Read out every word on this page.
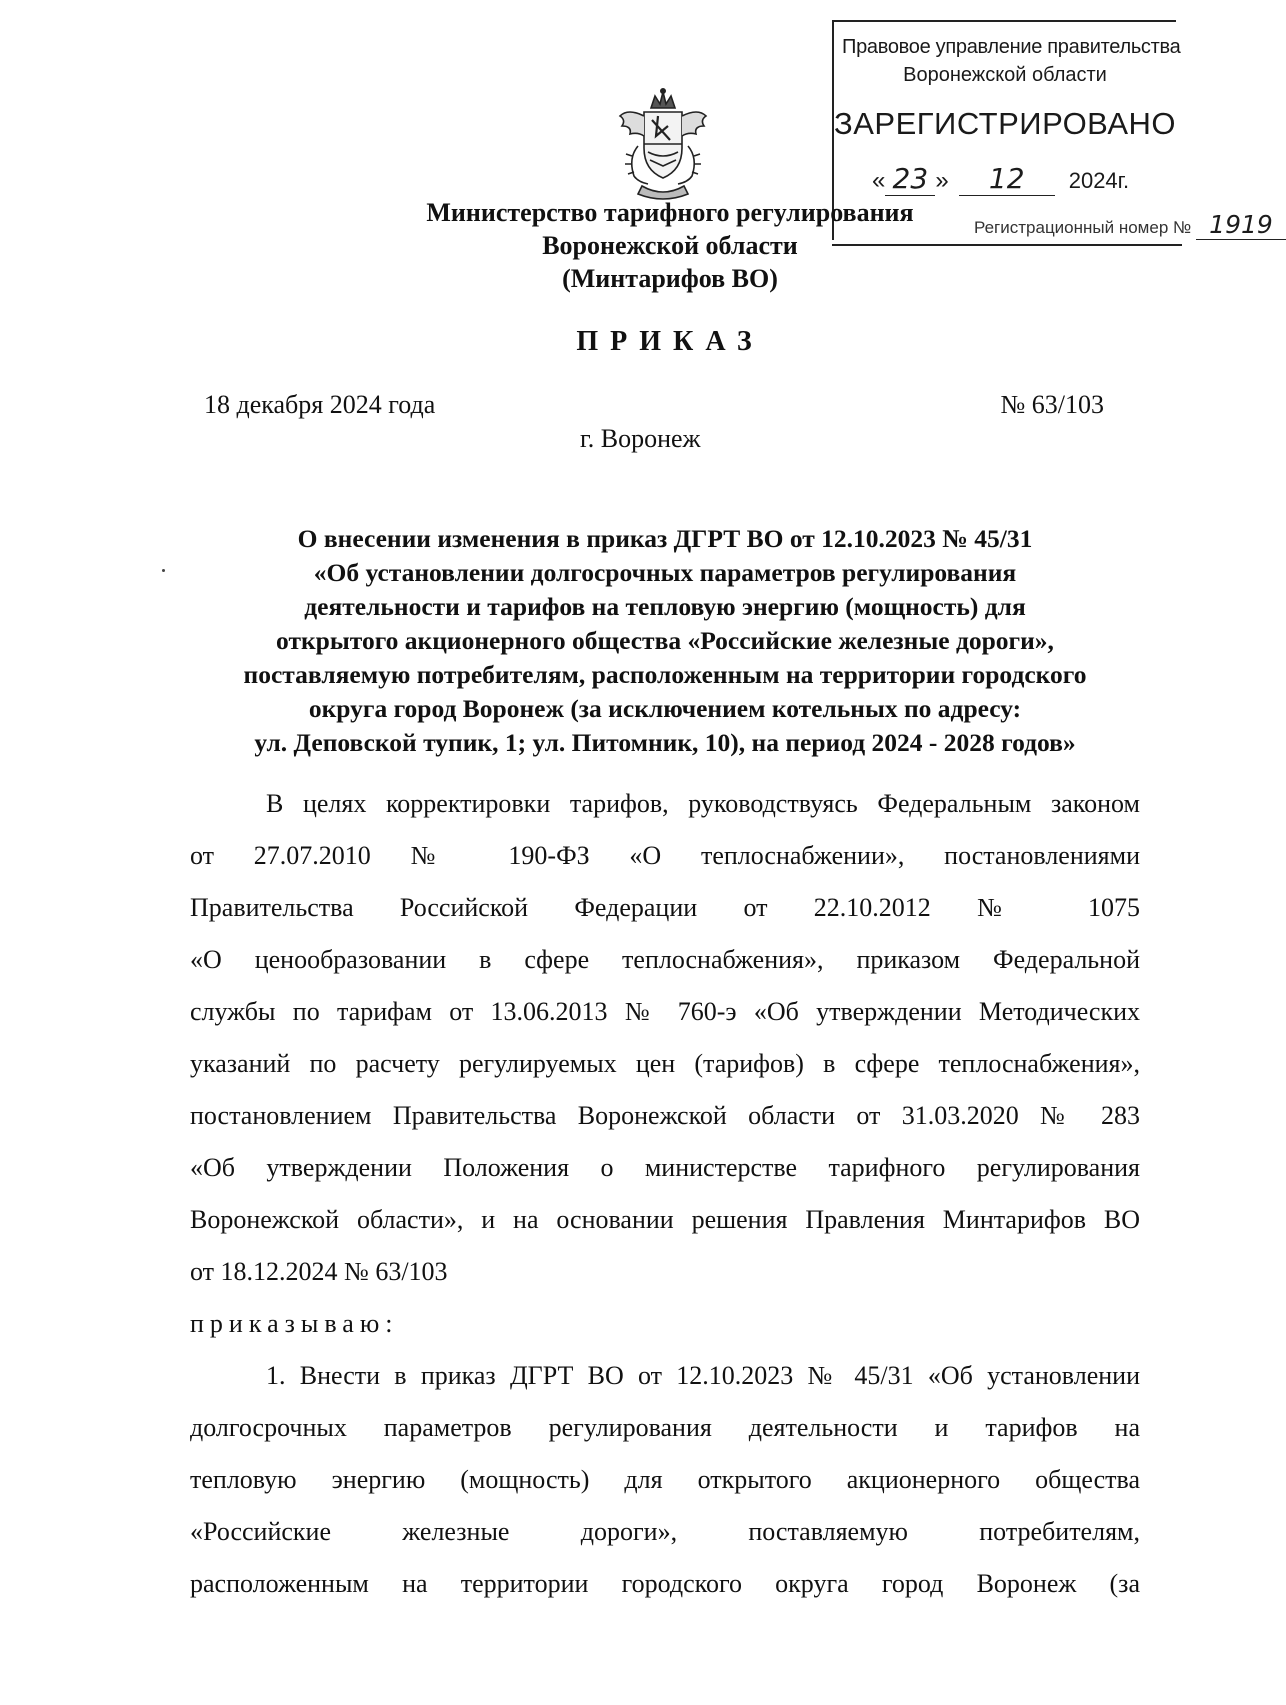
Правовое управление правительства
Воронежской области
ЗАРЕГИСТРИРОВАНО
« 23 » 12 2024г.
Регистрационный номер № 1919
Министерство тарифного регулирования
Воронежской области
(Минтарифов ВО)
ПРИКАЗ
18 декабря 2024 года	№ 63/103
г. Воронеж
О внесении изменения в приказ ДГРТ ВО от 12.10.2023 № 45/31
«Об установлении долгосрочных параметров регулирования
деятельности и тарифов на тепловую энергию (мощность) для
открытого акционерного общества «Российские железные дороги»,
поставляемую потребителям, расположенным на территории городского
округа город Воронеж (за исключением котельных по адресу:
ул. Деповской тупик, 1; ул. Питомник, 10), на период 2024 - 2028 годов»
В целях корректировки тарифов, руководствуясь Федеральным законом
от 27.07.2010 № 190-ФЗ «О теплоснабжении», постановлениями
Правительства Российской Федерации от 22.10.2012 № 1075
«О ценообразовании в сфере теплоснабжения», приказом Федеральной
службы по тарифам от 13.06.2013 № 760-э «Об утверждении Методических
указаний по расчету регулируемых цен (тарифов) в сфере теплоснабжения»,
постановлением Правительства Воронежской области от 31.03.2020 № 283
«Об утверждении Положения о министерстве тарифного регулирования
Воронежской области», и на основании решения Правления Минтарифов ВО
от 18.12.2024 № 63/103
приказываю:
1. Внести в приказ ДГРТ ВО от 12.10.2023 № 45/31 «Об установлении
долгосрочных параметров регулирования деятельности и тарифов на
тепловую энергию (мощность) для открытого акционерного общества
«Российские железные дороги», поставляемую потребителям,
расположенным на территории городского округа город Воронеж (за
